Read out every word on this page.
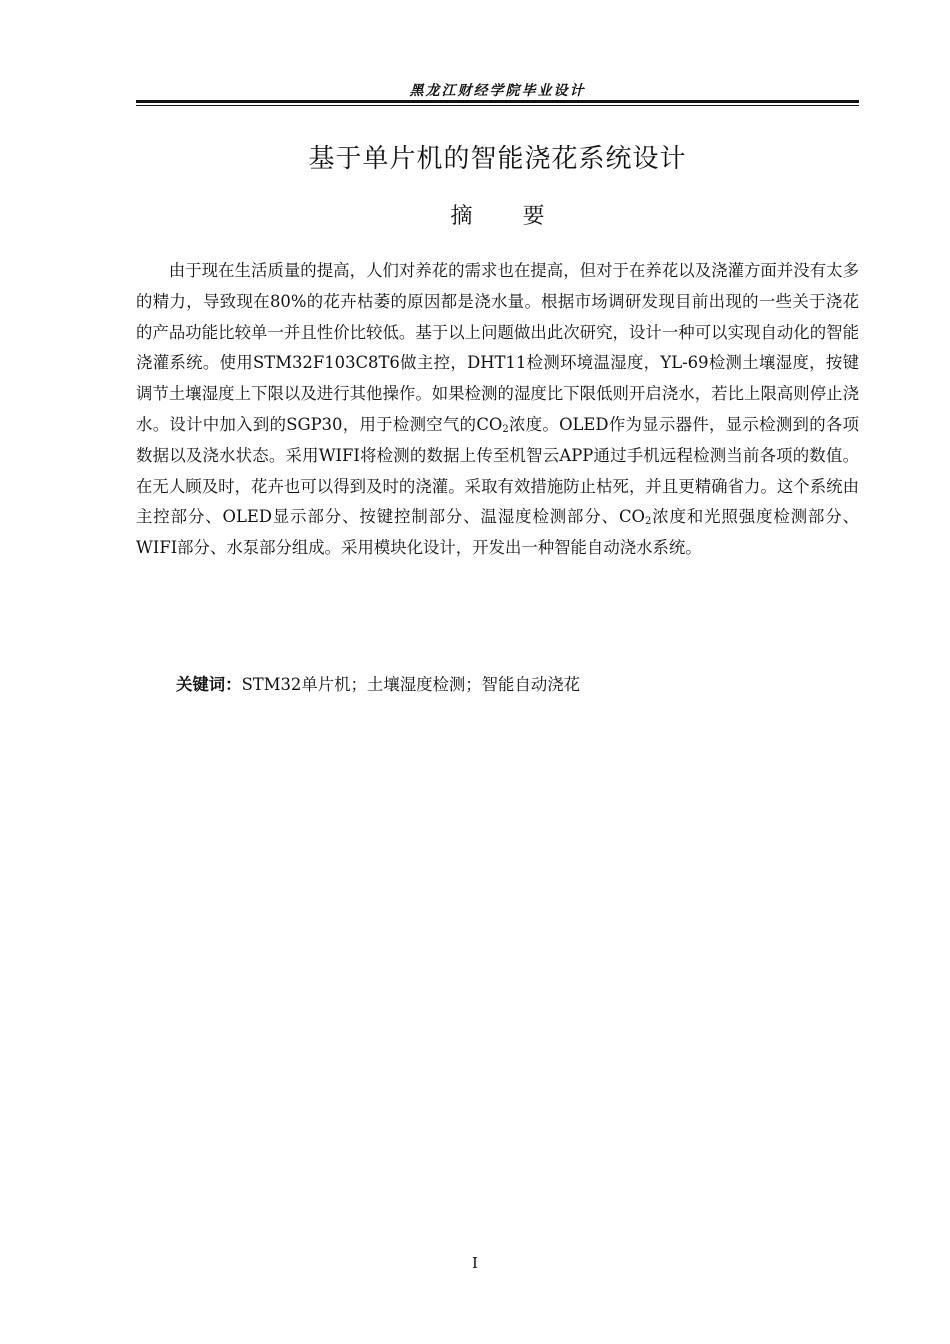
黑龙江财经学院毕业设计
基于单片机的智能浇花系统设计
摘 要

由于现在生活质量的提高，人们对养花的需求也在提高，但对于在养花以及浇灌方面并没有太多的精力，导致现在80%的花卉枯萎的原因都是浇水量。根据市场调研发现目前出现的一些关于浇花的产品功能比较单一并且性价比较低。基于以上问题做出此次研究，设计一种可以实现自动化的智能浇灌系统。使用STM32F103C8T6做主控，DHT11检测环境温湿度，YL-69检测土壤湿度，按键调节土壤湿度上下限以及进行其他操作。如果检测的湿度比下限低则开启浇水，若比上限高则停止浇水。设计中加入到的SGP30，用于检测空气的$CO_2$浓度。OLED作为显示器件，显示检测到的各项数据以及浇水状态。采用WIFI将检测的数据上传至机智云APP通过手机远程检测当前各项的数值。在无人顾及时，花卉也可以得到及时的浇灌。采取有效措施防止枯死，并且更精确省力。这个系统由主控部分、OLED显示部分、按键控制部分、温湿度检测部分、$CO_2$浓度和光照强度检测部分、WIFI部分、水泵部分组成。采用模块化设计，开发出一种智能自动浇水系统。

关键词：STM32单片机；土壤湿度检测；智能自动浇花
I
